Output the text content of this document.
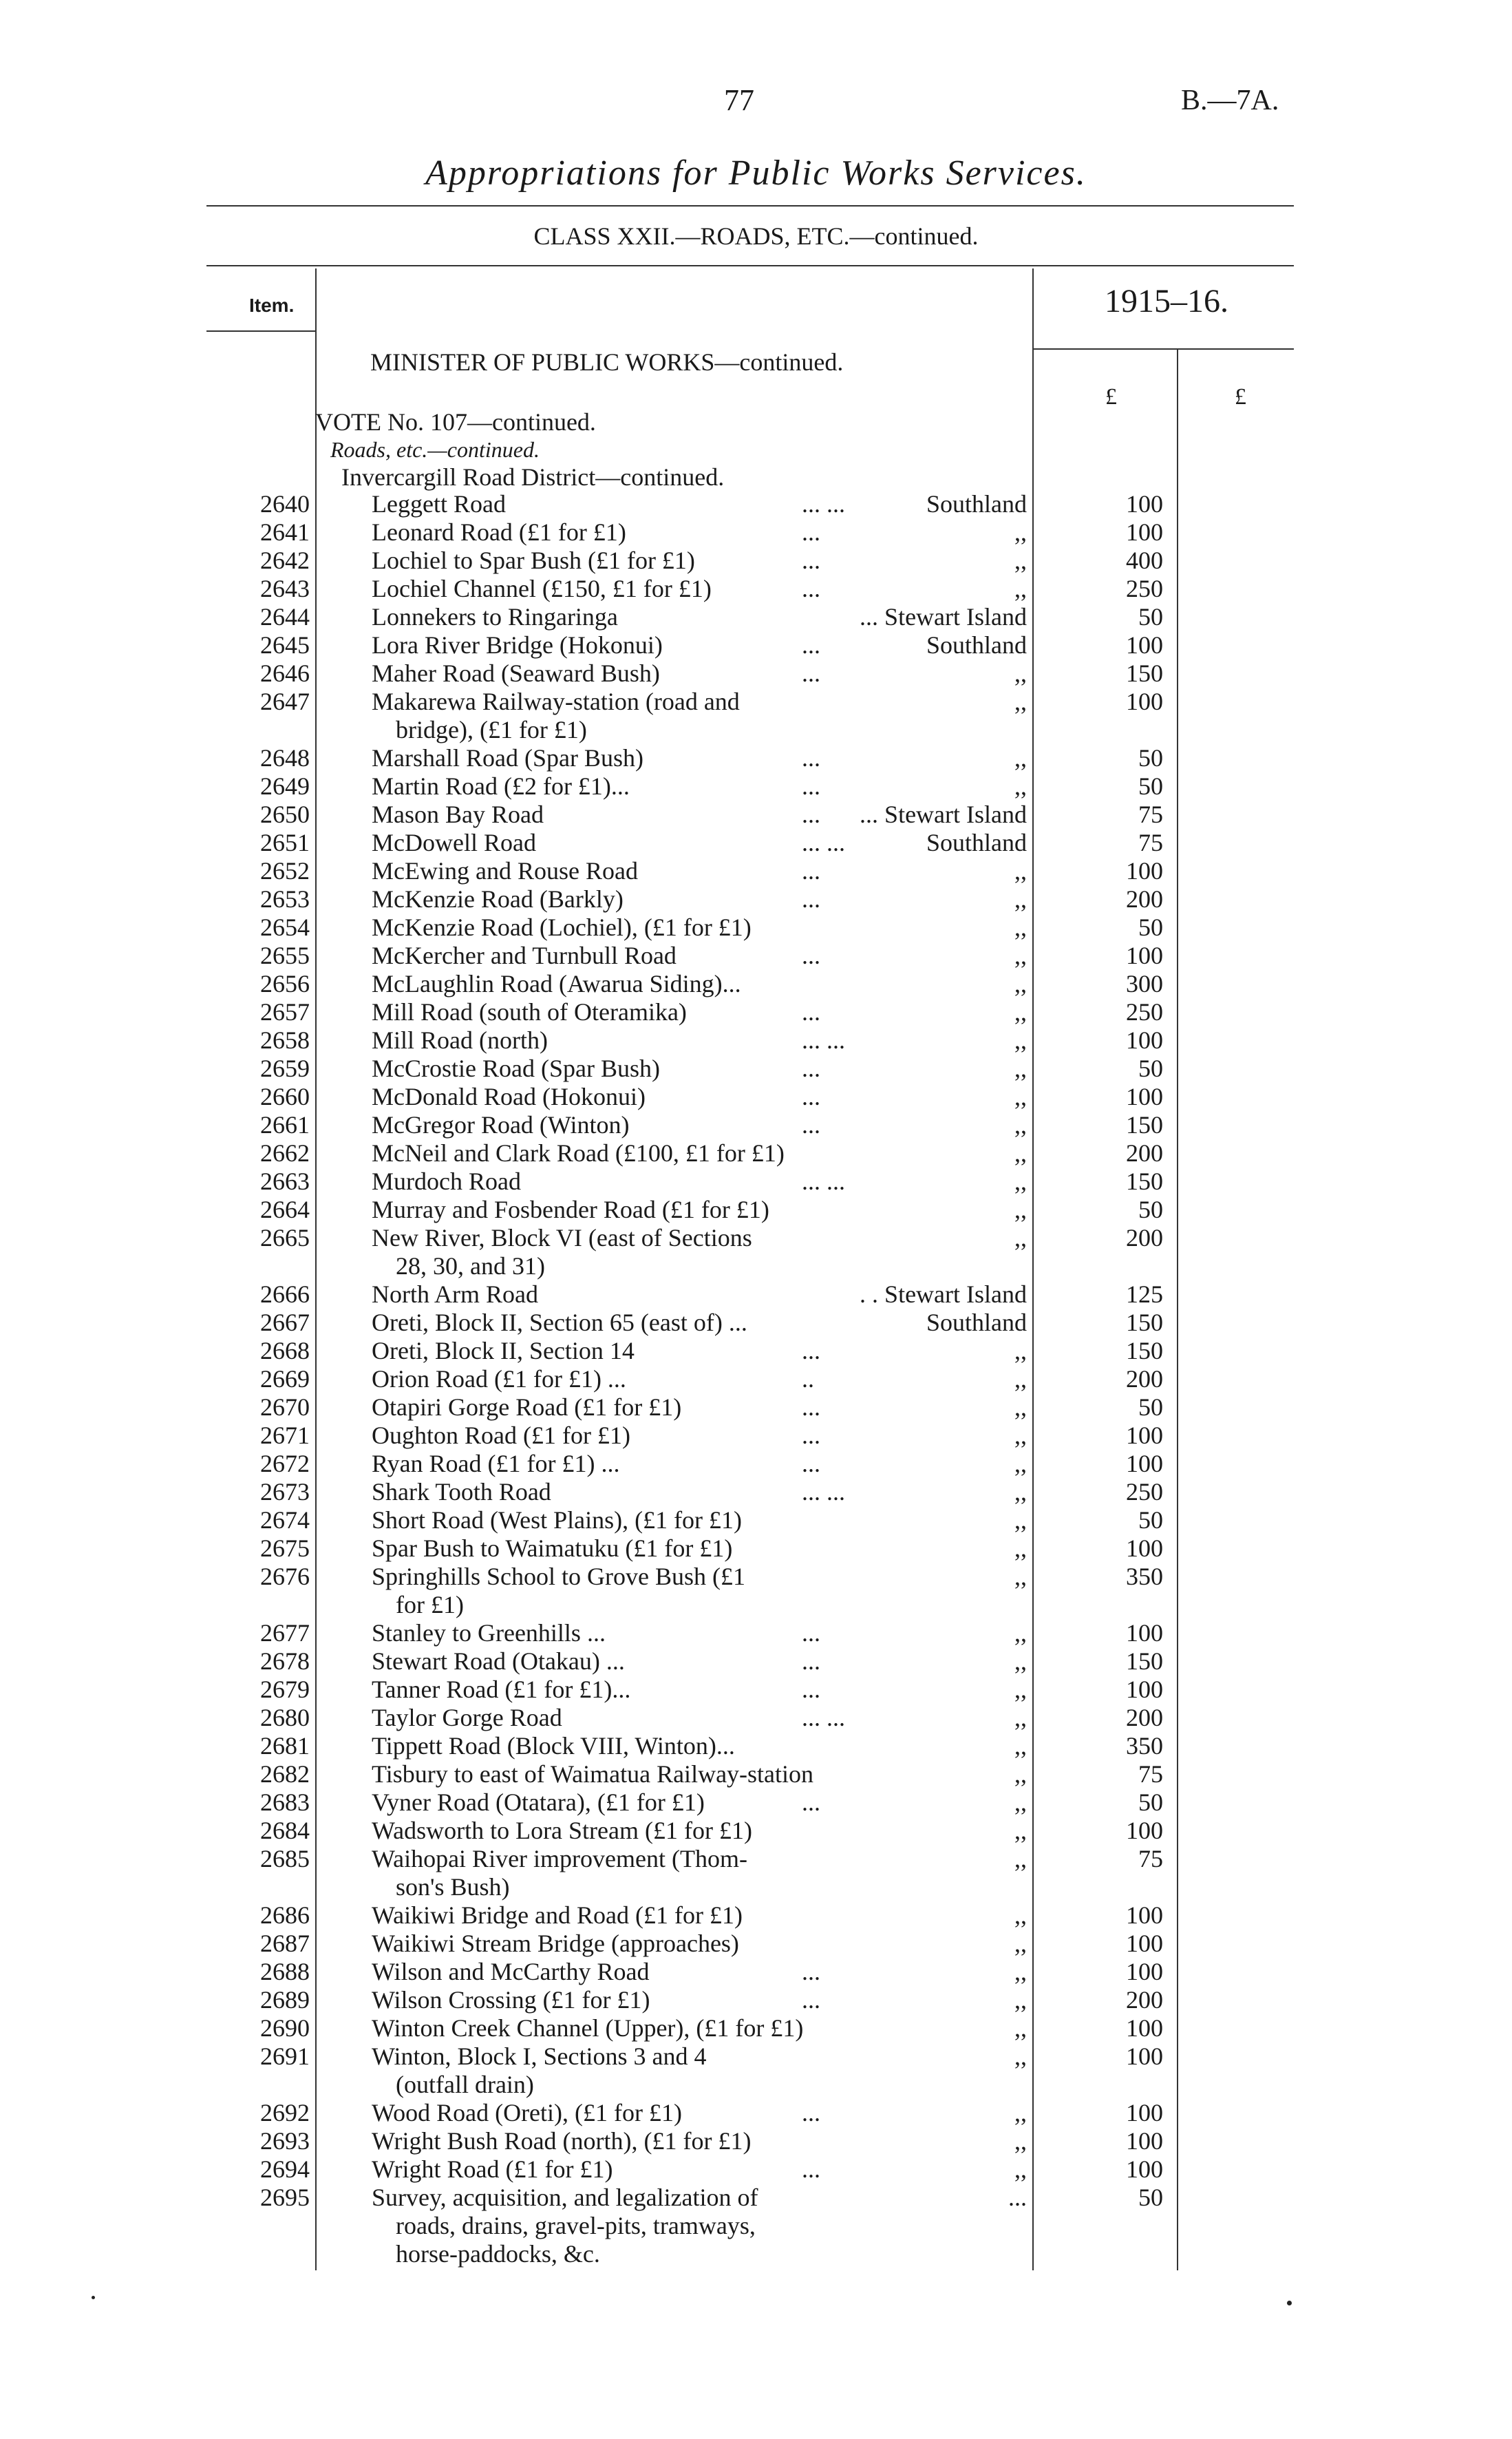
77	B.—7A.
Appropriations for Public Works Services.
CLASS XXII.—ROADS, ETC.—continued.
Item.	1915–16.
£	£
MINISTER OF PUBLIC WORKS—continued.
VOTE No. 107—continued.
Roads, etc.—continued.
Invercargill Road District—continued.
2640	Leggett Road	... ...	Southland	100
2641	Leonard Road (£1 for £1)	...	,,	100
2642	Lochiel to Spar Bush (£1 for £1)	...	,,	400
2643	Lochiel Channel (£150, £1 for £1)	...	,,	250
2644	Lonnekers to Ringaringa	... Stewart Island	50
2645	Lora River Bridge (Hokonui)	...	Southland	100
2646	Maher Road (Seaward Bush)	...	,,	150
2647	Makarewa Railway-station (road and	,,	100
bridge), (£1 for £1)
2648	Marshall Road (Spar Bush)	...	,,	50
2649	Martin Road (£2 for £1)...	...	,,	50
2650	Mason Bay Road	...	... Stewart Island	75
2651	McDowell Road	... ...	Southland	75
2652	McEwing and Rouse Road	...	,,	100
2653	McKenzie Road (Barkly)	...	,,	200
2654	McKenzie Road (Lochiel), (£1 for £1)	,,	50
2655	McKercher and Turnbull Road	...	,,	100
2656	McLaughlin Road (Awarua Siding)...	,,	300
2657	Mill Road (south of Oteramika)	...	,,	250
2658	Mill Road (north)	... ...	,,	100
2659	McCrostie Road (Spar Bush)	...	,,	50
2660	McDonald Road (Hokonui)	...	,,	100
2661	McGregor Road (Winton)	...	,,	150
2662	McNeil and Clark Road (£100, £1 for £1)	,,	200
2663	Murdoch Road	... ...	,,	150
2664	Murray and Fosbender Road (£1 for £1)	,,	50
2665	New River, Block VI (east of Sections	,,	200
28, 30, and 31)
2666	North Arm Road	. . Stewart Island	125
2667	Oreti, Block II, Section 65 (east of) ...	Southland	150
2668	Oreti, Block II, Section 14	...	,,	150
2669	Orion Road (£1 for £1) ...	..	,,	200
2670	Otapiri Gorge Road (£1 for £1)	...	,,	50
2671	Oughton Road (£1 for £1)	...	,,	100
2672	Ryan Road (£1 for £1) ...	...	,,	100
2673	Shark Tooth Road	... ...	,,	250
2674	Short Road (West Plains), (£1 for £1)	,,	50
2675	Spar Bush to Waimatuku (£1 for £1)	,,	100
2676	Springhills School to Grove Bush (£1	,,	350
for £1)
2677	Stanley to Greenhills ...	...	,,	100
2678	Stewart Road (Otakau) ...	...	,,	150
2679	Tanner Road (£1 for £1)...	...	,,	100
2680	Taylor Gorge Road	... ...	,,	200
2681	Tippett Road (Block VIII, Winton)...	,,	350
2682	Tisbury to east of Waimatua Railway-station	,,	75
2683	Vyner Road (Otatara), (£1 for £1)	...	,,	50
2684	Wadsworth to Lora Stream (£1 for £1)	,,	100
2685	Waihopai River improvement (Thom-	,,	75
son's Bush)
2686	Waikiwi Bridge and Road (£1 for £1)	,,	100
2687	Waikiwi Stream Bridge (approaches)	,,	100
2688	Wilson and McCarthy Road	...	,,	100
2689	Wilson Crossing (£1 for £1)	...	,,	200
2690	Winton Creek Channel (Upper), (£1 for £1)	,,	100
2691	Winton, Block I, Sections 3 and 4	,,	100
(outfall drain)
2692	Wood Road (Oreti), (£1 for £1)	...	,,	100
2693	Wright Bush Road (north), (£1 for £1)	,,	100
2694	Wright Road (£1 for £1)	...	,,	100
2695	Survey, acquisition, and legalization of	...	50
roads, drains, gravel-pits, tramways,
horse-paddocks, &c.
